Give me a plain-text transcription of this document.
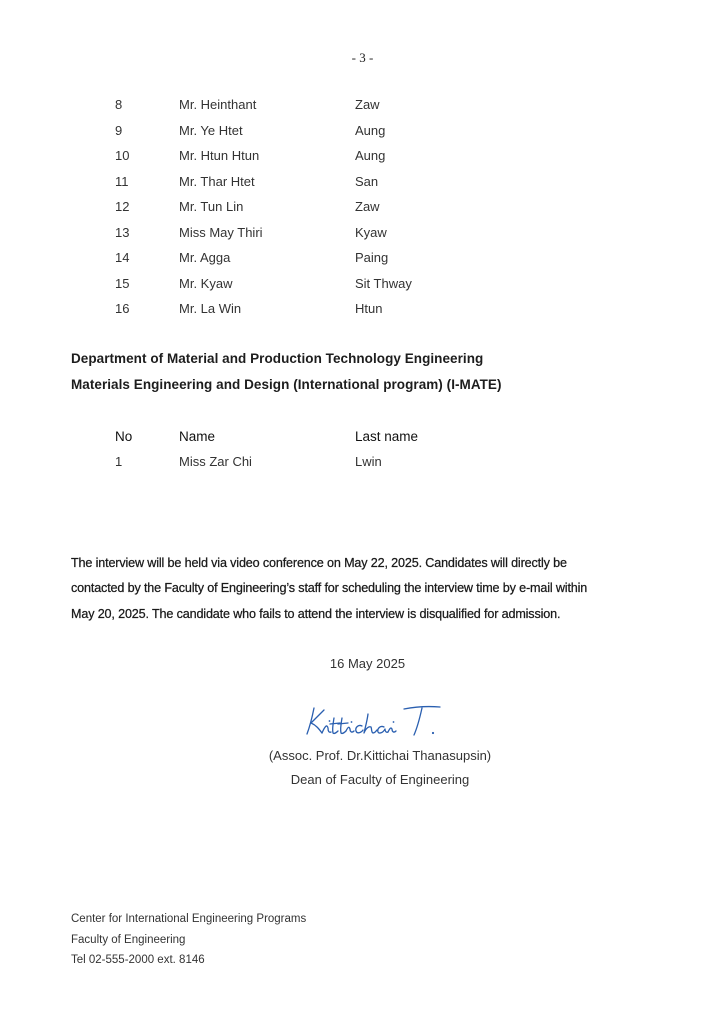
- 3 -
8	Mr. Heinthant	Zaw
9	Mr. Ye Htet	Aung
10	Mr. Htun Htun	Aung
11	Mr. Thar Htet	San
12	Mr. Tun Lin	Zaw
13	Miss May Thiri	Kyaw
14	Mr. Agga	Paing
15	Mr. Kyaw	Sit Thway
16	Mr. La Win	Htun
Department of Material and Production Technology Engineering
Materials Engineering and Design (International program) (I-MATE)
No	Name	Last name
1	Miss Zar Chi	Lwin
The interview will be held via video conference on May 22, 2025. Candidates will directly be
contacted by the Faculty of Engineering’s staff for scheduling the interview time by e-mail within
May 20, 2025. The candidate who fails to attend the interview is disqualified for admission.
16 May 2025
(Assoc. Prof. Dr.Kittichai Thanasupsin)
Dean of Faculty of Engineering
Center for International Engineering Programs
Faculty of Engineering
Tel 02-555-2000 ext. 8146
